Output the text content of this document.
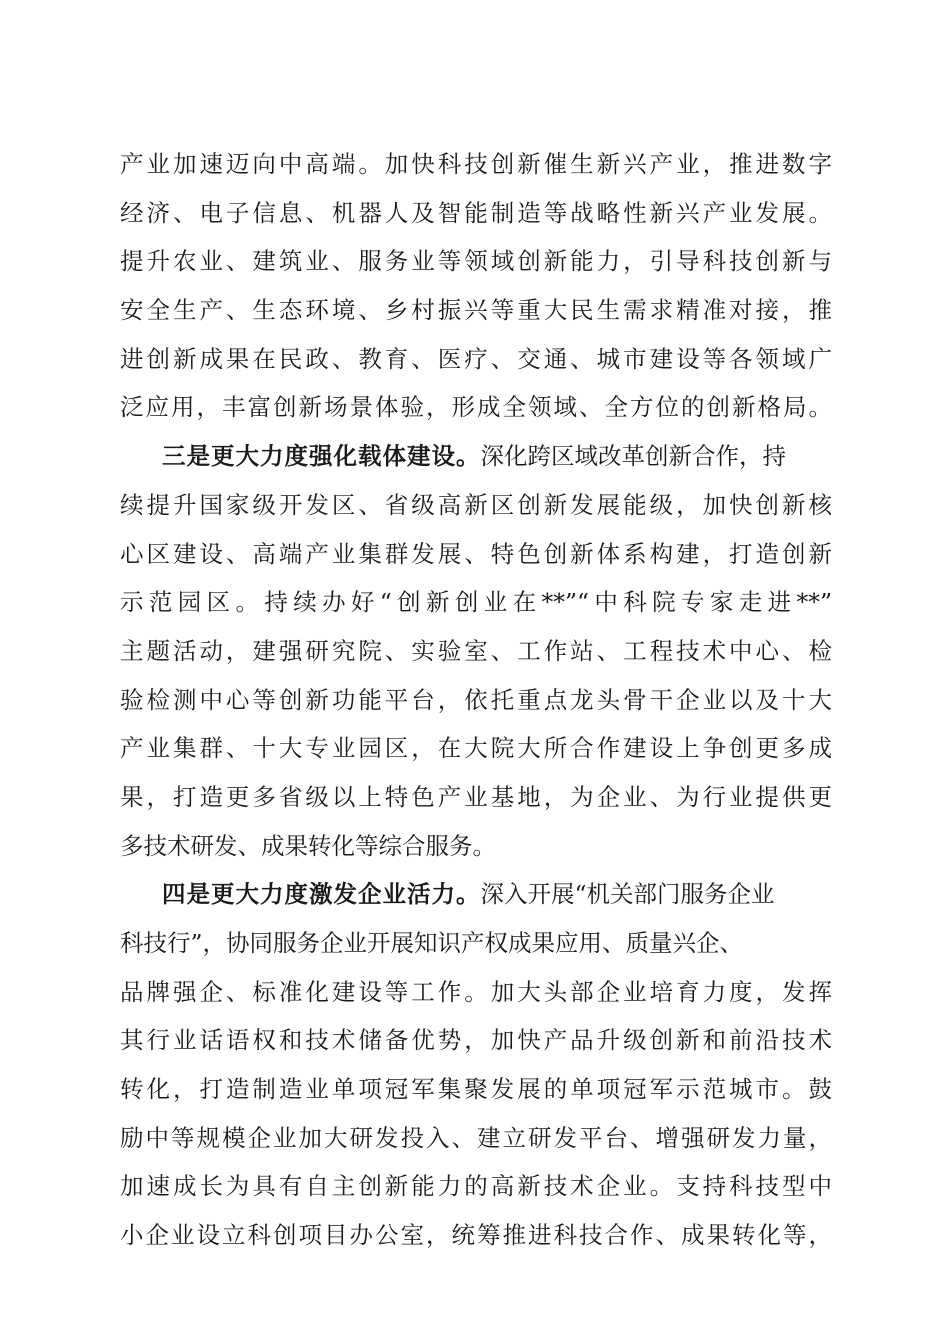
产业加速迈向中高端。加快科技创新催生新兴产业，推进数字
经济、电子信息、机器人及智能制造等战略性新兴产业发展。
提升农业、建筑业、服务业等领域创新能力，引导科技创新与
安全生产、生态环境、乡村振兴等重大民生需求精准对接，推
进创新成果在民政、教育、医疗、交通、城市建设等各领域广
泛应用，丰富创新场景体验，形成全领域、全方位的创新格局。
三是更大力度强化载体建设。深化跨区域改革创新合作，持
续提升国家级开发区、省级高新区创新发展能级，加快创新核
心区建设、高端产业集群发展、特色创新体系构建，打造创新
示范园区。持续办好“创新创业在**”“中科院专家走进**”
主题活动，建强研究院、实验室、工作站、工程技术中心、检
验检测中心等创新功能平台，依托重点龙头骨干企业以及十大
产业集群、十大专业园区，在大院大所合作建设上争创更多成
果，打造更多省级以上特色产业基地，为企业、为行业提供更
多技术研发、成果转化等综合服务。
四是更大力度激发企业活力。深入开展“机关部门服务企业
科技行”，协同服务企业开展知识产权成果应用、质量兴企、
品牌强企、标准化建设等工作。加大头部企业培育力度，发挥
其行业话语权和技术储备优势，加快产品升级创新和前沿技术
转化，打造制造业单项冠军集聚发展的单项冠军示范城市。鼓
励中等规模企业加大研发投入、建立研发平台、增强研发力量，
加速成长为具有自主创新能力的高新技术企业。支持科技型中
小企业设立科创项目办公室，统筹推进科技合作、成果转化等，
